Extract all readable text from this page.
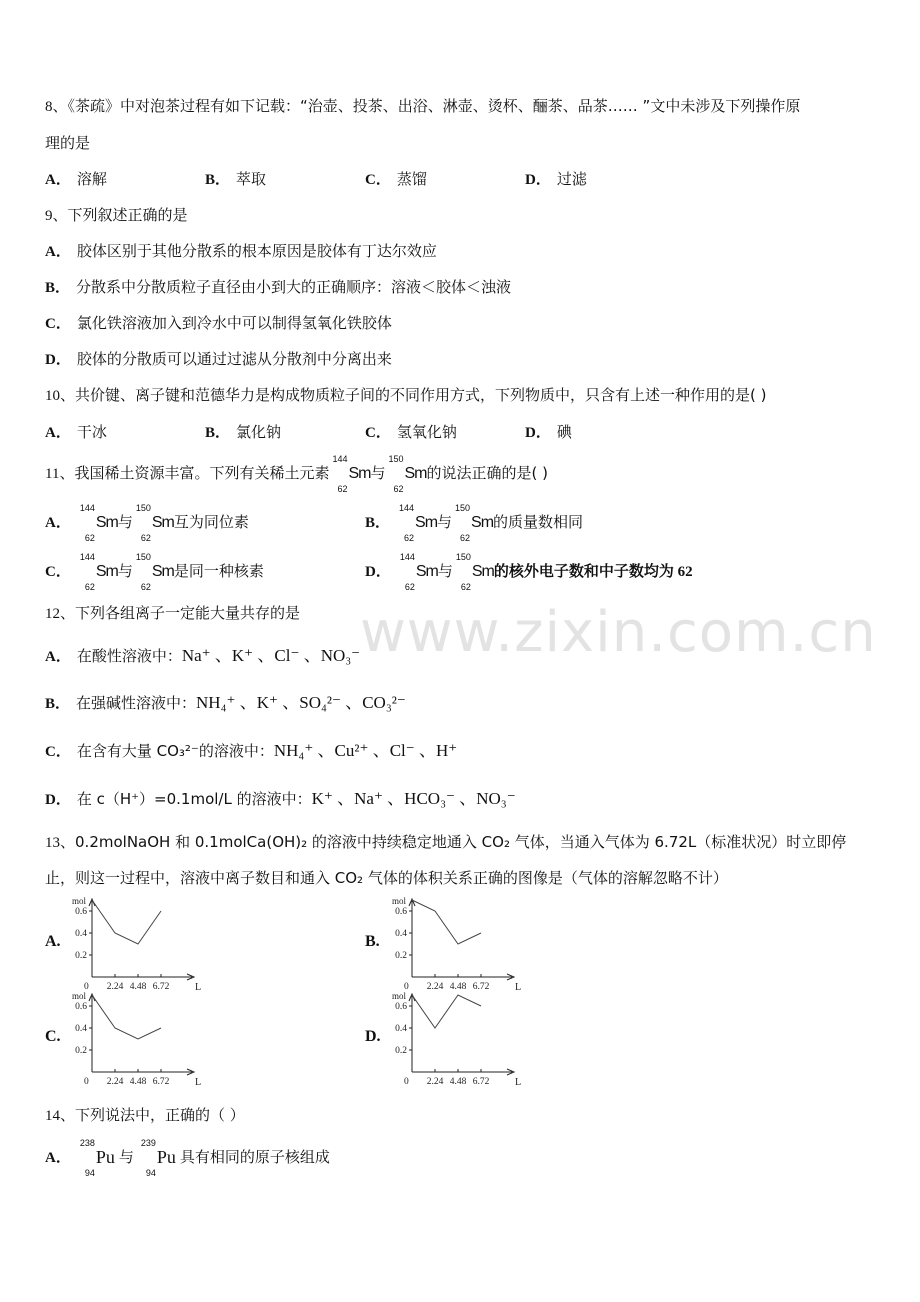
www.zixin.com.cn
8、《茶疏》中对泡茶过程有如下记载：“治壶、投茶、出浴、淋壶、烫杯、酾茶、品茶…… ”文中未涉及下列操作原
理的是
A． 溶解	B． 萃取	C． 蒸馏	D． 过滤
9、下列叙述正确的是
A． 胶体区别于其他分散系的根本原因是胶体有丁达尔效应
B． 分散系中分散质粒子直径由小到大的正确顺序：溶液＜胶体＜浊液
C． 氯化铁溶液加入到冷水中可以制得氢氧化铁胶体
D． 胶体的分散质可以通过过滤从分散剂中分离出来
10、共价键、离子键和范德华力是构成物质粒子间的不同作用方式，下列物质中，只含有上述一种作用的是( )
A． 干冰	B． 氯化钠	C． 氢氧化钠	D． 碘
11、我国稀土资源丰富。下列有关稀土元素
144
62
Sm与
150
62
Sm的说法正确的是( )
A．
144
62
Sm与
150
62
Sm互为同位素	B．
144
62
Sm与
150
62
Sm的质量数相同
C．
144
62
Sm与
150
62
Sm是同一种核素	D．
144
62
Sm与
150
62
Sm的核外电子数和中子数均为 62
12、下列各组离子一定能大量共存的是
A． 在酸性溶液中：Na⁺ 、K⁺ 、Cl⁻ 、NO₃⁻
B． 在强碱性溶液中：NH₄⁺ 、K⁺ 、SO₄²⁻ 、CO₃²⁻
C． 在含有大量 CO₃²⁻的溶液中：NH₄⁺ 、Cu²⁺ 、Cl⁻ 、H⁺
D． 在 c（H⁺）=0.1mol/L 的溶液中：K⁺ 、Na⁺ 、HCO₃⁻ 、NO₃⁻
13、0.2molNaOH 和 0.1molCa(OH)₂ 的溶液中持续稳定地通入 CO₂ 气体，当通入气体为 6.72L（标准状况）时立即停
止，则这一过程中，溶液中离子数目和通入 CO₂ 气体的体积关系正确的图像是（气体的溶解忽略不计）
A.
mol
L
0.2
0.4
0.6
0 2.24 4.48 6.72
B.
mol
L
0.2
0.4
0.6
0 2.24 4.48 6.72
C.
mol
L
0.2
0.4
0.6
0 2.24 4.48 6.72
D.
mol
L
0.2
0.4
0.6
0 2.24 4.48 6.72
14、下列说法中，正确的（ ）
A．
238
94
Pu 与
239
94
Pu 具有相同的原子核组成
